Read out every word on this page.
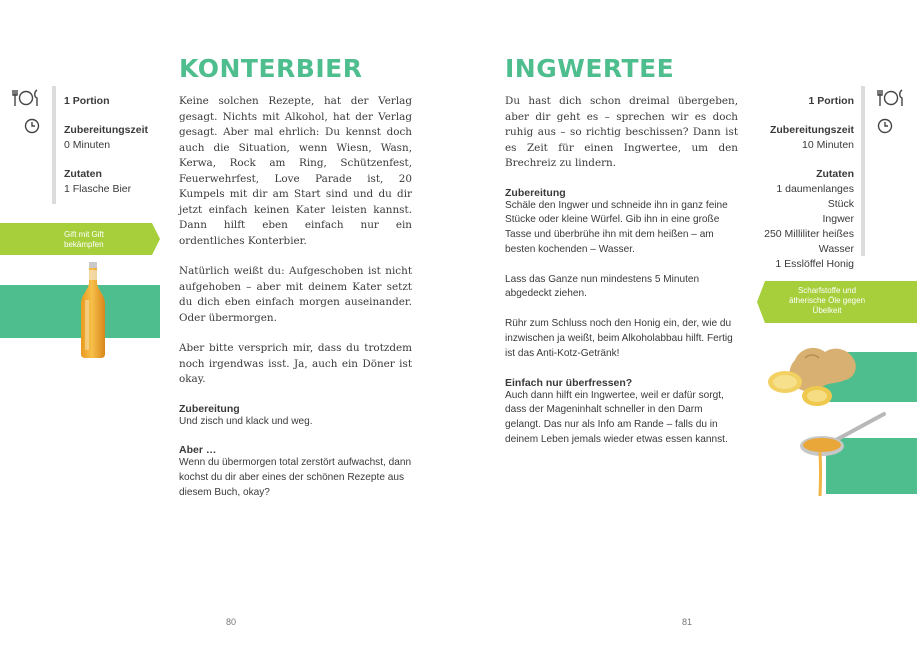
1 Portion
Zubereitungszeit
0 Minuten
Zutaten
1 Flasche Bier
Gift mit Gift
bekämpfen
KONTERBIER

Keine solchen Rezepte, hat der Verlag gesagt. Nichts mit Alkohol, hat der Verlag gesagt. Aber mal ehrlich: Du kennst doch auch die Situation, wenn Wiesn, Wasn, Kerwa, Rock am Ring, Schützenfest, Feuerwehrfest, Love Parade ist, 20 Kumpels mit dir am Start sind und du dir jetzt einfach keinen Kater leisten kannst. Dann hilft eben einfach nur ein ordentliches Konterbier.

Natürlich weißt du: Aufgeschoben ist nicht aufgehoben – aber mit deinem Kater setzt du dich eben einfach morgen auseinander. Oder übermorgen.

Aber bitte versprich mir, dass du trotzdem noch irgendwas isst. Ja, auch ein Döner ist okay.

Zubereitung

Und zisch und klack und weg.

Aber …

Wenn du übermorgen total zerstört aufwachst, dann kochst du dir aber eines der schönen Rezepte aus diesem Buch, okay?

80
INGWERTEE

Du hast dich schon dreimal übergeben, aber dir geht es – sprechen wir es doch ruhig aus – so richtig beschissen? Dann ist es Zeit für einen Ingwertee, um den Brechreiz zu lindern.

Zubereitung

Schäle den Ingwer und schneide ihn in ganz feine Stücke oder kleine Würfel. Gib ihn in eine große Tasse und überbrühe ihn mit dem heißen – am besten kochenden – Wasser.

Lass das Ganze nun mindestens 5 Minuten abgedeckt ziehen.

Rühr zum Schluss noch den Honig ein, der, wie du inzwischen ja weißt, beim Alkoholabbau hilft. Fertig ist das Anti-Kotz-Getränk!

Einfach nur überfressen?

Auch dann hilft ein Ingwertee, weil er dafür sorgt, dass der Mageninhalt schneller in den Darm gelangt. Das nur als Info am Rande – falls du in deinem Leben jemals wieder etwas essen kannst.

1 Portion
Zubereitungszeit
10 Minuten
Zutaten
1 daumenlanges Stück
Ingwer
250 Milliliter heißes
Wasser
1 Esslöffel Honig
Scharfstoffe und
ätherische Öle gegen
Übelkeit
81
